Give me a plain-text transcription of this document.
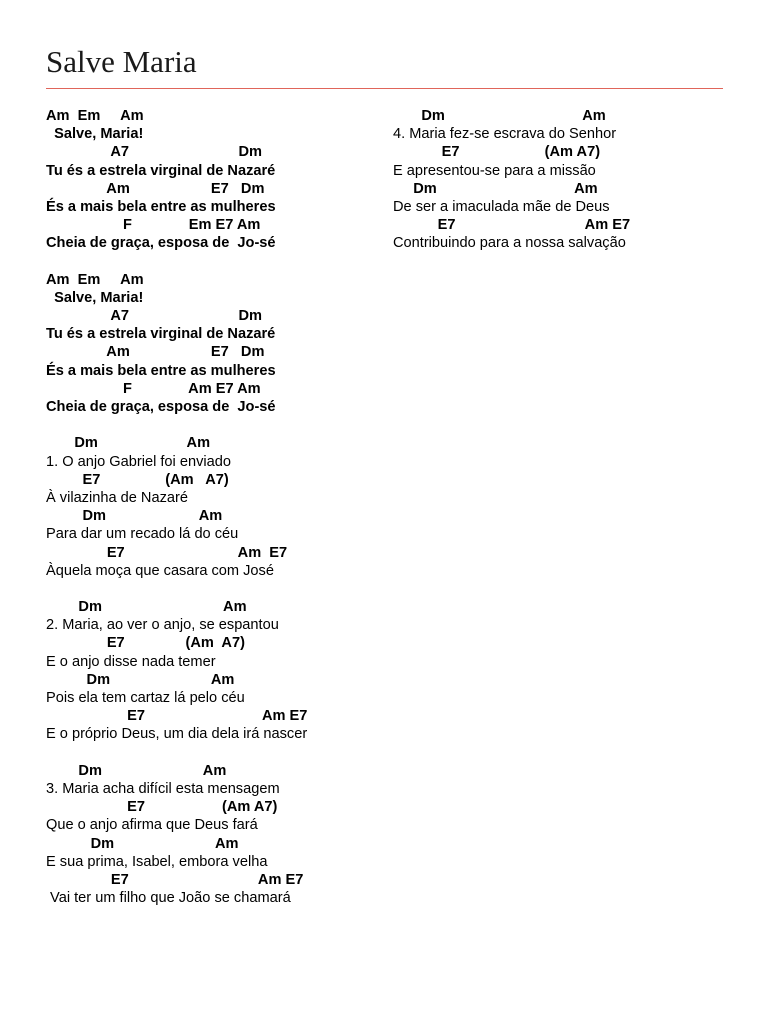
Salve Maria
Am  Em     Am
Salve, Maria!
A7                           Dm
Tu és a estrela virginal de Nazaré
Am                    E7   Dm
És a mais bela entre as mulheres
F              Em E7 Am
Cheia de graça, esposa de  Jo-sé
Am  Em     Am
Salve, Maria!
A7                           Dm
Tu és a estrela virginal de Nazaré
Am                    E7   Dm
És a mais bela entre as mulheres
F              Am E7 Am
Cheia de graça, esposa de  Jo-sé
Dm                      Am
1. O anjo Gabriel foi enviado
E7                (Am   A7)
À vilazinha de Nazaré
Dm                       Am
Para dar um recado lá do céu
E7                            Am  E7
Àquela moça que casara com José
Dm                              Am
2. Maria, ao ver o anjo, se espantou
E7               (Am  A7)
E o anjo disse nada temer
Dm                         Am
Pois ela tem cartaz lá pelo céu
E7                             Am E7
E o próprio Deus, um dia dela irá nascer
Dm                         Am
3. Maria acha difícil esta mensagem
E7                   (Am A7)
Que o anjo afirma que Deus fará
Dm                         Am
E sua prima, Isabel, embora velha
E7                                Am E7
Vai ter um filho que João se chamará
Dm                                  Am
4. Maria fez-se escrava do Senhor
E7                     (Am A7)
E apresentou-se para a missão
Dm                                  Am
De ser a imaculada mãe de Deus
E7                                Am E7
Contribuindo para a nossa salvação
